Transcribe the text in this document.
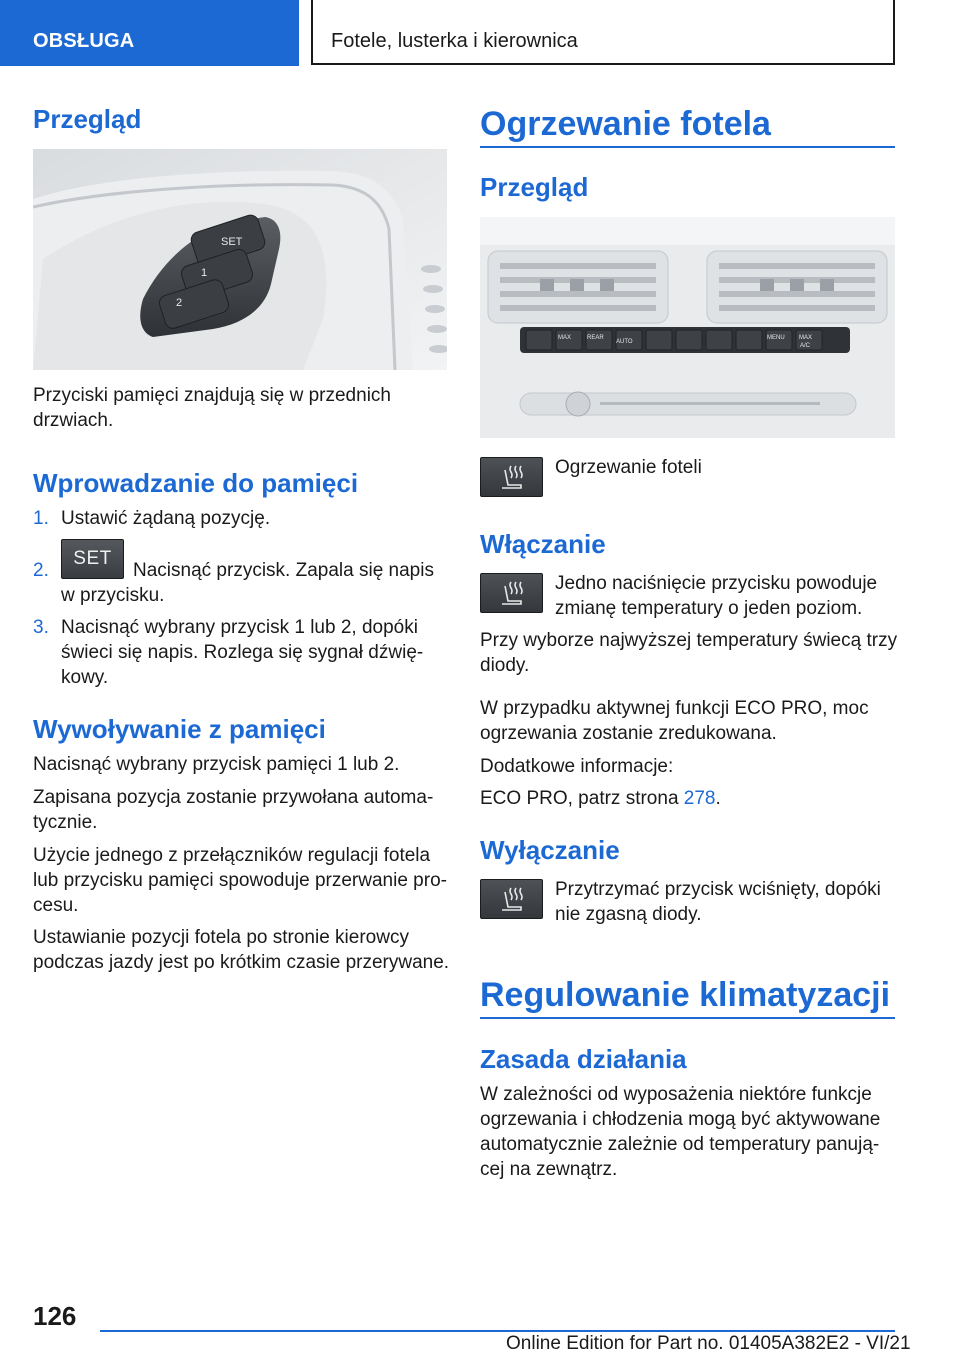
OBSŁUGA	Fotele, lusterka i kierownica
Przegląd
SET
1
2
Przyciski pamięci znajdują się w przednich
drzwiach.
Wprowadzanie do pamięci
1. Ustawić żądaną pozycję.
2.
SET
Nacisnąć przycisk. Zapala się napis
w przycisku.
3. Nacisnąć wybrany przycisk 1 lub 2, dopóki
świeci się napis. Rozlega się sygnał dźwię‐
kowy.
Wywoływanie z pamięci
Nacisnąć wybrany przycisk pamięci 1 lub 2.
Zapisana pozycja zostanie przywołana automa‐
tycznie.
Użycie jednego z przełączników regulacji fotela
lub przycisku pamięci spowoduje przerwanie pro‐
cesu.
Ustawianie pozycji fotela po stronie kierowcy
podczas jazdy jest po krótkim czasie przerywane.
Ogrzewanie fotela
Przegląd
MAX	REAR
AUTO
MENU MAX
A/C
Ogrzewanie foteli
Włączanie
Jedno naciśnięcie przycisku powoduje
zmianę temperatury o jeden poziom.
Przy wyborze najwyższej temperatury świecą trzy
diody.
W przypadku aktywnej funkcji ECO PRO, moc
ogrzewania zostanie zredukowana.
Dodatkowe informacje:
ECO PRO, patrz strona 278.
Wyłączanie
Przytrzymać przycisk wciśnięty, dopóki
nie zgasną diody.
Regulowanie klimatyzacji
Zasada działania
W zależności od wyposażenia niektóre funkcje
ogrzewania i chłodzenia mogą być aktywowane
automatycznie zależnie od temperatury panują‐
cej na zewnątrz.
126
Online Edition for Part no. 01405A382E2 - VI/21
